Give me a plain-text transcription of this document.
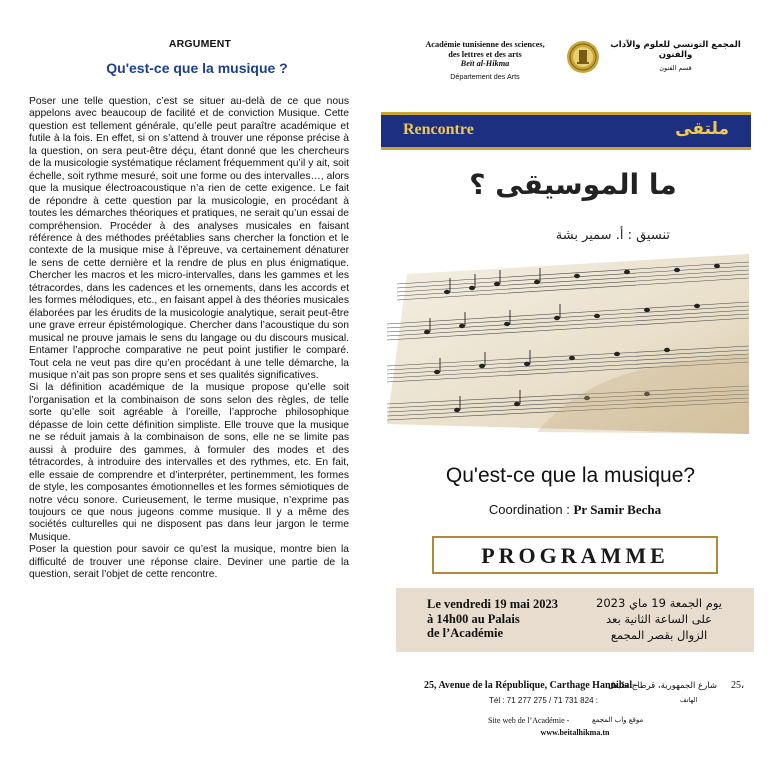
ARGUMENT
Qu'est-ce que la musique ?

Poser une telle question, c’est se situer au-delà de ce que nous appelons avec beaucoup de facilité et de conviction Musique. Cette question est tellement générale, qu’elle peut paraître académique et futile à la fois. En effet, si on s’attend à trouver une réponse précise à la question, on sera peut-être déçu, étant donné que les chercheurs de la musicologie systématique réclament fréquemment qu’il y ait, soit échelle, soit rythme mesuré, soit une forme ou des intervalles…, alors que la musique électroacoustique n’a rien de cette exigence. Le fait de répondre à cette question par la musicologie, en procédant à toutes les démarches théoriques et pratiques, ne serait qu’un essai de compréhension. Procéder à des analyses musicales en faisant référence à des méthodes préétablies sans chercher la fonction et le contexte de la musique mise à l’épreuve, va certainement dénaturer le sens de cette dernière et la rendre de plus en plus énigmatique. Chercher les macros et les micro-intervalles, dans les gammes et les tétracordes, dans les cadences et les ornements, dans les accords et les formes mélodiques, etc., en faisant appel à des théories musicales élaborées par les érudits de la musicologie analytique, serait peut-être une grave erreur épistémologique. Chercher dans l’acoustique du son musical ne prouve jamais le sens du langage ou du discours musical. Entamer l’approche comparative ne peut point justifier le comparé. Tout cela ne veut pas dire qu’en procédant à une telle démarche, la musique n’ait pas son propre sens et ses qualités significatives.

Si la définition académique de la musique propose qu’elle soit l’organisation et la combinaison de sons selon des règles, de telle sorte qu’elle soit agréable à l’oreille, l’approche philosophique dépasse de loin cette définition simpliste. Elle trouve que la musique ne se réduit jamais à la combinaison de sons, elle ne se limite pas aussi à produire des gammes, à formuler des modes et des tétracordes, à introduire des intervalles et des rythmes, etc. En fait, elle essaie de comprendre et d’interpréter, pertinemment, les formes de style, les composantes émotionnelles et les formes sémiotiques de notre vécu sonore. Curieusement, le terme musique, n’exprime pas toujours ce que nous jugeons comme musique. Il y a même des sociétés culturelles qui ne disposent pas dans leur jargon le terme Musique.

Poser la question pour savoir ce qu’est la musique, montre bien la difficulté de trouver une réponse claire. Deviner une partie de la question, serait l’objet de cette rencontre.

Académie tunisienne des sciences,
des lettres et des arts
Beït al-Hikma
Département des Arts
المجمع التونسي للعلوم والآداب والفنون
قسم الفنون
Rencontre	ملتقى
ما الموسيقى ؟
تنسيق : أ. سمير بشة
Qu'est-ce que la musique?
Coordination : Pr Samir Becha
PROGRAMME
Le vendredi 19 mai 2023
à 14h00 au Palais
de l’Académie
يوم الجمعة 19 ماي 2023
على الساعة الثانية بعد
الزوال بقصر المجمع
25, Avenue de la République, Carthage Hannibal -
شارع الجمهورية، قرطاج حنّبعل 25،
Tél : 71 277 275 / 71 731 824 :	الهاتف
Site web de l’Académie -	موقع واب المجمع
www.beitalhikma.tn
